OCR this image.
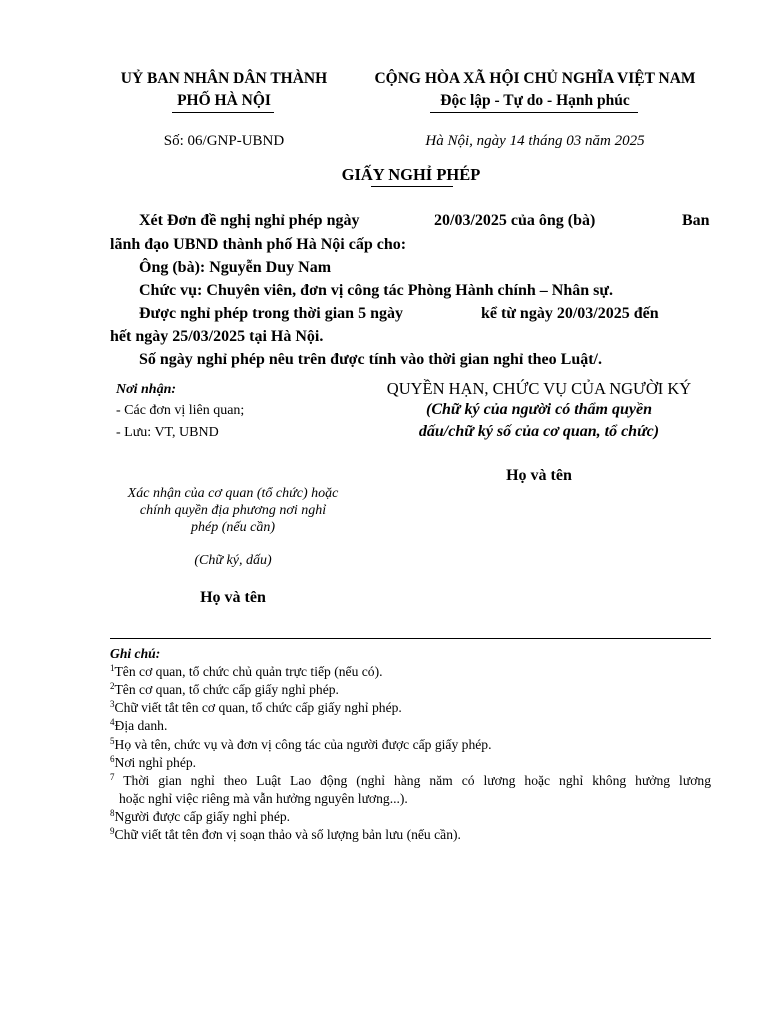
UỶ BAN NHÂN DÂN THÀNH
PHỐ HÀ NỘI
CỘNG HÒA XÃ HỘI CHỦ NGHĨA VIỆT NAM
Độc lập - Tự do - Hạnh phúc
Số: 06/GNP-UBND	Hà Nội, ngày 14 tháng 03 năm 2025
GIẤY NGHỈ PHÉP
Xét Đơn đề nghị nghỉ phép ngày	20/03/2025 của ông (bà)	Ban
lãnh đạo UBND thành phố Hà Nội cấp cho:
Ông (bà): Nguyễn Duy Nam
Chức vụ: Chuyên viên, đơn vị công tác Phòng Hành chính – Nhân sự.
Được nghỉ phép trong thời gian 5 ngày	kể từ ngày 20/03/2025 đến
hết ngày 25/03/2025 tại Hà Nội.
Số ngày nghỉ phép nêu trên được tính vào thời gian nghỉ theo Luật/.
Nơi nhận:
- Các đơn vị liên quan;
- Lưu: VT, UBND
QUYỀN HẠN, CHỨC VỤ CỦA NGƯỜI KÝ
(Chữ ký của người có thẩm quyền
dấu/chữ ký số của cơ quan, tổ chức)
Họ và tên
Xác nhận của cơ quan (tổ chức) hoặc
chính quyền địa phương nơi nghỉ
phép (nếu cần)
(Chữ ký, dấu)
Họ và tên
Ghi chú:
$^1$Tên cơ quan, tổ chức chủ quản trực tiếp (nếu có).
$^2$Tên cơ quan, tổ chức cấp giấy nghỉ phép.
$^3$Chữ viết tắt tên cơ quan, tổ chức cấp giấy nghỉ phép.
$^4$Địa danh.
$^5$Họ và tên, chức vụ và đơn vị công tác của người được cấp giấy phép.
$^6$Nơi nghỉ phép.
$^7$ Thời gian nghỉ theo Luật Lao động (nghỉ hàng năm có lương hoặc nghỉ không hưởng lương
hoặc nghỉ việc riêng mà vẫn hưởng nguyên lương...).
$^8$Người được cấp giấy nghỉ phép.
$^9$Chữ viết tắt tên đơn vị soạn thảo và số lượng bản lưu (nếu cần).
